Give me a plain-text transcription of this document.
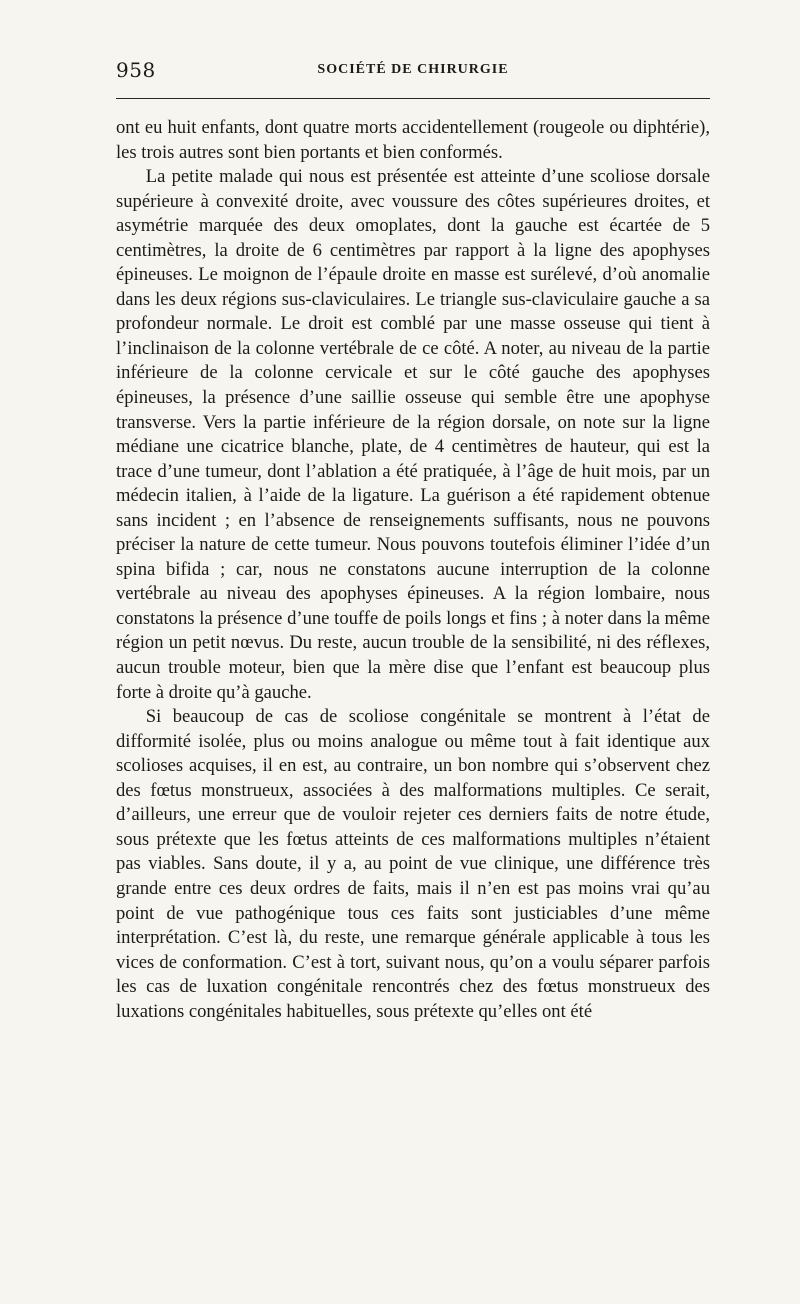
958	SOCIÉTÉ DE CHIRURGIE

ont eu huit enfants, dont quatre morts accidentellement (rougeole ou diphtérie), les trois autres sont bien portants et bien conformés.

La petite malade qui nous est présentée est atteinte d’une scoliose dorsale supérieure à convexité droite, avec voussure des côtes supérieures droites, et asymétrie marquée des deux omoplates, dont la gauche est écartée de 5 centimètres, la droite de 6 centimètres par rapport à la ligne des apophyses épineuses. Le moignon de l’épaule droite en masse est surélevé, d’où anomalie dans les deux régions sus-claviculaires. Le triangle sus-claviculaire gauche a sa profondeur normale. Le droit est comblé par une masse osseuse qui tient à l’inclinaison de la colonne vertébrale de ce côté. A noter, au niveau de la partie inférieure de la colonne cervicale et sur le côté gauche des apophyses épineuses, la présence d’une saillie osseuse qui semble être une apophyse transverse. Vers la partie inférieure de la région dorsale, on note sur la ligne médiane une cicatrice blanche, plate, de 4 centimètres de hauteur, qui est la trace d’une tumeur, dont l’ablation a été pratiquée, à l’âge de huit mois, par un médecin italien, à l’aide de la ligature. La guérison a été rapidement obtenue sans incident ; en l’absence de renseignements suffisants, nous ne pouvons préciser la nature de cette tumeur. Nous pouvons toutefois éliminer l’idée d’un spina bifida ; car, nous ne constatons aucune interruption de la colonne vertébrale au niveau des apophyses épineuses. A la région lombaire, nous constatons la présence d’une touffe de poils longs et fins ; à noter dans la même région un petit nœvus. Du reste, aucun trouble de la sensibilité, ni des réflexes, aucun trouble moteur, bien que la mère dise que l’enfant est beaucoup plus forte à droite qu’à gauche.

Si beaucoup de cas de scoliose congénitale se montrent à l’état de difformité isolée, plus ou moins analogue ou même tout à fait identique aux scolioses acquises, il en est, au contraire, un bon nombre qui s’observent chez des fœtus monstrueux, associées à des malformations multiples. Ce serait, d’ailleurs, une erreur que de vouloir rejeter ces derniers faits de notre étude, sous prétexte que les fœtus atteints de ces malformations multiples n’étaient pas viables. Sans doute, il y a, au point de vue clinique, une différence très grande entre ces deux ordres de faits, mais il n’en est pas moins vrai qu’au point de vue pathogénique tous ces faits sont justiciables d’une même interprétation. C’est là, du reste, une remarque générale applicable à tous les vices de conformation. C’est à tort, suivant nous, qu’on a voulu séparer parfois les cas de luxation congénitale rencontrés chez des fœtus monstrueux des luxations congénitales habituelles, sous prétexte qu’elles ont été
